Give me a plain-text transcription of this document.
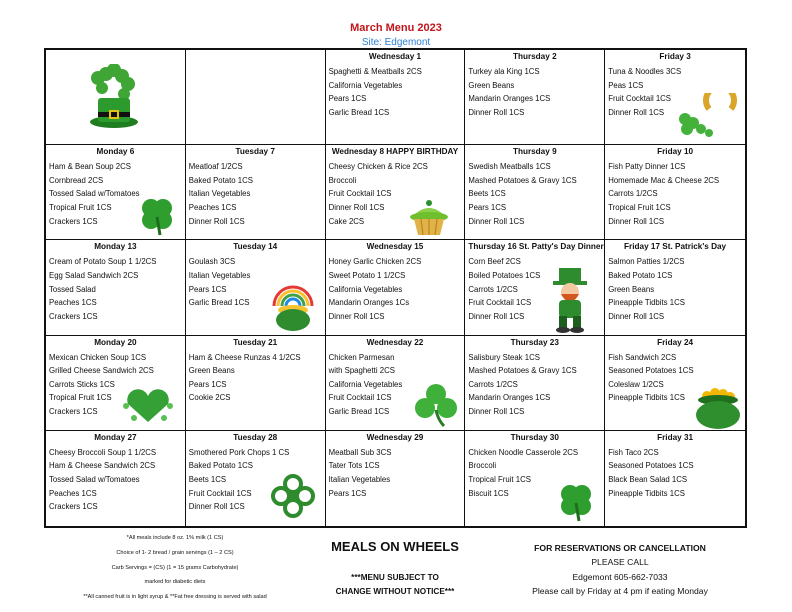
March Menu 2023
Site: Edgemont
Wednesday 1
Spaghetti & Meatballs 2CS
California Vegetables
Pears 1CS
Garlic Bread 1CS
Thursday 2
Turkey ala King 1CS
Green Beans
Mandarin Oranges 1CS
Dinner Roll 1CS
Friday 3
Tuna & Noodles 3CS
Peas 1CS
Fruit Cocktail 1CS
Dinner Roll 1CS
Monday 6
Ham & Bean Soup 2CS
Cornbread 2CS
Tossed Salad w/Tomatoes
Tropical Fruit 1CS
Crackers 1CS
Tuesday 7
Meatloaf 1/2CS
Baked Potato 1CS
Italian Vegetables
Peaches 1CS
Dinner Roll 1CS
Wednesday 8 HAPPY BIRTHDAY
Cheesy Chicken & Rice 2CS
Broccoli
Fruit Cocktail 1CS
Dinner Roll 1CS
Cake 2CS
Thursday 9
Swedish Meatballs 1CS
Mashed Potatoes & Gravy 1CS
Beets 1CS
Pears 1CS
Dinner Roll 1CS
Friday 10
Fish Patty Dinner 1CS
Homemade Mac & Cheese 2CS
Carrots 1/2CS
Tropical Fruit 1CS
Dinner Roll 1CS
Monday 13
Cream of Potato Soup 1 1/2CS
Egg Salad Sandwich 2CS
Tossed Salad
Peaches 1CS
Crackers 1CS
Tuesday 14
Goulash 3CS
Italian Vegetables
Pears 1CS
Garlic Bread 1CS
Wednesday 15
Honey Garlic Chicken 2CS
Sweet Potato 1 1/2CS
California Vegetables
Mandarin Oranges 1Cs
Dinner Roll 1CS
Thursday 16 St. Patty's Day Dinner
Corn Beef 2CS
Boiled Potatoes 1CS
Carrots 1/2CS
Fruit Cocktail 1CS
Dinner Roll 1CS
Friday 17 St. Patrick's Day
Salmon Patties 1/2CS
Baked Potato 1CS
Green Beans
Pineapple Tidbits 1CS
Dinner Roll 1CS
Monday 20
Mexican Chicken Soup 1CS
Grilled Cheese Sandwich 2CS
Carrots Sticks 1CS
Tropical Fruit 1CS
Crackers 1CS
Tuesday 21
Ham & Cheese Runzas 4 1/2CS
Green Beans
Pears 1CS
Cookie 2CS
Wednesday 22
Chicken Parmesan
with Spaghetti 2CS
California Vegetables
Fruit Cocktail 1CS
Garlic Bread 1CS
Thursday 23
Salisbury Steak 1CS
Mashed Potatoes & Gravy 1CS
Carrots 1/2CS
Mandarin Oranges 1CS
Dinner Roll 1CS
Friday 24
Fish Sandwich 2CS
Seasoned Potatoes 1CS
Coleslaw 1/2CS
Pineapple Tidbits 1CS
Monday 27
Cheesy Broccoli Soup 1 1/2CS
Ham & Cheese Sandwich 2CS
Tossed Salad w/Tomatoes
Peaches 1CS
Crackers 1CS
Tuesday 28
Smothered Pork Chops 1 CS
Baked Potato 1CS
Beets 1CS
Fruit Cocktail 1CS
Dinner Roll 1CS
Wednesday 29
Meatball Sub 3CS
Tater Tots 1CS
Italian Vegetables
Pears 1CS
Thursday 30
Chicken Noodle Casserole 2CS
Broccoli
Tropical Fruit 1CS
Biscuit 1CS
Friday 31
Fish Taco 2CS
Seasoned Potatoes 1CS
Black Bean Salad 1CS
Pineapple Tidbits 1CS
*All meals include 8 oz. 1% milk (1 CS)
Choice of 1- 2 bread / grain servings (1 – 2 CS)
Carb Servings = (CS) (1 = 15 grams Carbohydrate)
marked for diabetic diets
**All canned fruit is in light syrup & **Fat free dressing is served with salad
MEALS ON WHEELS
***MENU SUBJECT TO
CHANGE WITHOUT NOTICE***
FOR RESERVATIONS OR CANCELLATION
PLEASE CALL
Edgemont 605-662-7033
Please call by Friday at 4 pm if eating Monday
